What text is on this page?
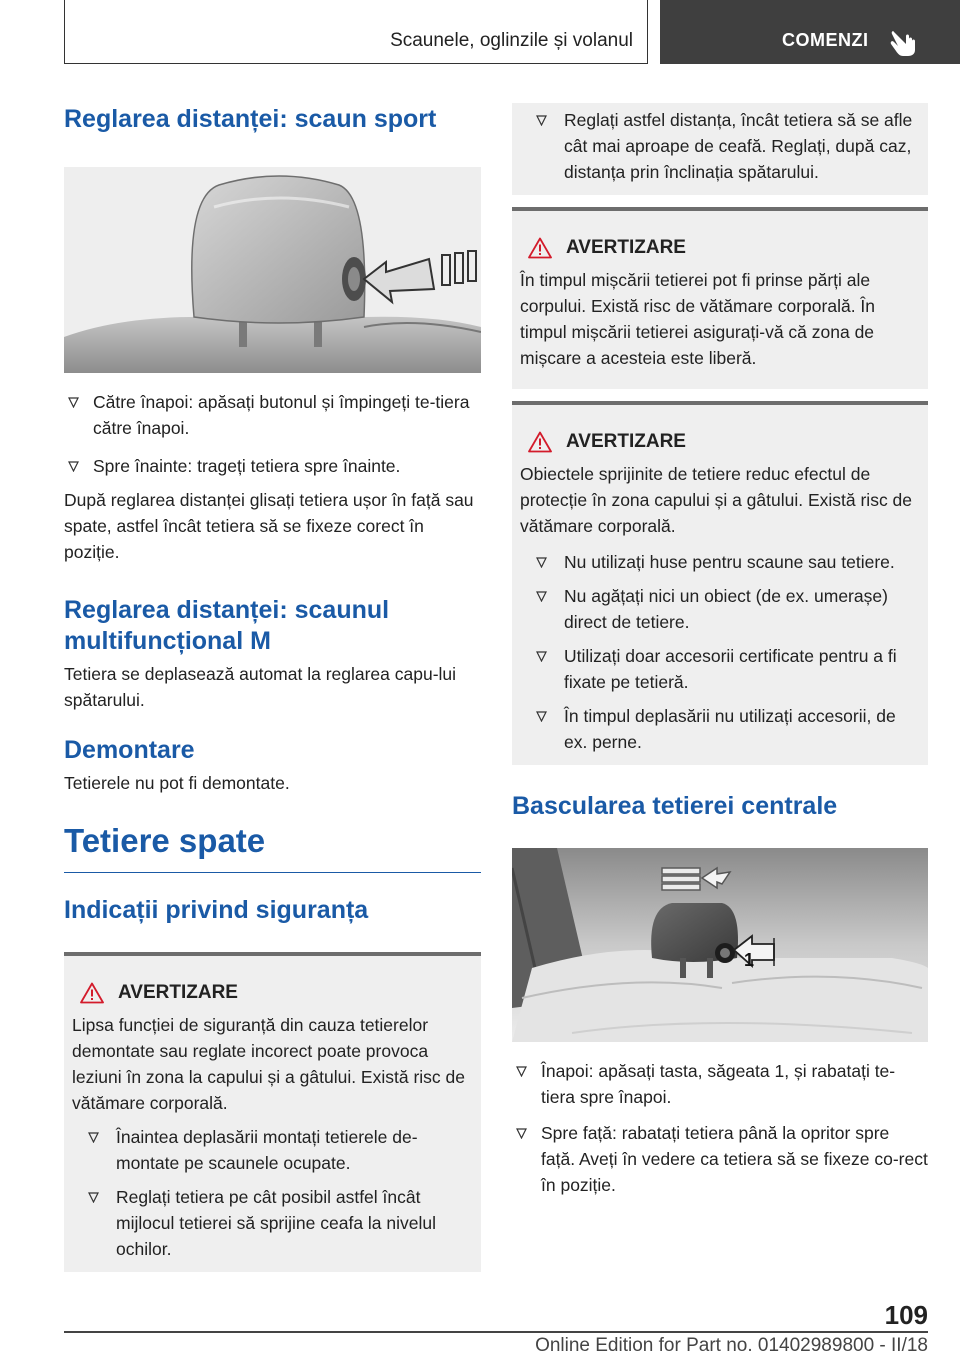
Scaunele, oglinzile și volanul	COMENZI
Reglarea distanței: scaun sport
Către înapoi: apăsați butonul și împingeți te-tiera către înapoi.
Spre înainte: trageți tetiera spre înainte.
După reglarea distanței glisați tetiera ușor în față sau spate, astfel încât tetiera să se fixeze corect în poziție.
Reglarea distanței: scaunul multifuncțional M
Tetiera se deplasează automat la reglarea capu-lui spătarului.
Demontare
Tetierele nu pot fi demontate.
Tetiere spate
Indicații privind siguranța
AVERTIZARE
Lipsa funcției de siguranță din cauza tetierelor demontate sau reglate incorect poate provoca leziuni în zona la capului și a gâtului. Există risc de vătămare corporală.
Înaintea deplasării montați tetierele de-montate pe scaunele ocupate.
Reglați tetiera pe cât posibil astfel încât mijlocul tetierei să sprijine ceafa la nivelul ochilor.
Reglați astfel distanța, încât tetiera să se afle cât mai aproape de ceafă. Reglați, după caz, distanța prin înclinația spătarului.
AVERTIZARE
În timpul mișcării tetierei pot fi prinse părți ale corpului. Există risc de vătămare corporală. În timpul mișcării tetierei asigurați-vă că zona de mișcare a acesteia este liberă.
AVERTIZARE
Obiectele sprijinite de tetiere reduc efectul de protecție în zona capului și a gâtului. Există risc de vătămare corporală.
Nu utilizați huse pentru scaune sau tetiere.
Nu agățați nici un obiect (de ex. umerașe) direct de tetiere.
Utilizați doar accesorii certificate pentru a fi fixate pe tetieră.
În timpul deplasării nu utilizați accesorii, de ex. perne.
Bascularea tetierei centrale
1
Înapoi: apăsați tasta, săgeata 1, și rabatați te-tiera spre înapoi.
Spre față: rabatați tetiera până la opritor spre față. Aveți în vedere ca tetiera să se fixeze co-rect în poziție.
109
Online Edition for Part no. 01402989800 - II/18
